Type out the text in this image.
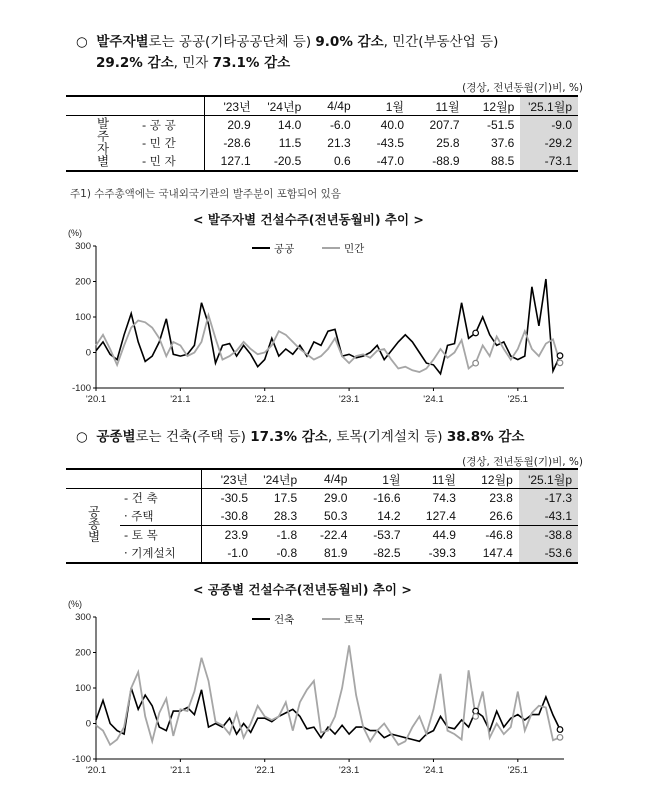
○ 발주자별로는 공공(기타공공단체 등) 9.0% 감소, 민간(부동산업 등)
29.2% 감소, 민자 73.1% 감소
(경상, 전년동월(기)비, %)
		'23년	'24년p	4/4p	1월	11월	12월p	'25.1월p
발주자별	- 공 공	20.9	14.0	-6.0	40.0	207.7	-51.5	-9.0
	- 민 간	-28.6	11.5	21.3	-43.5	25.8	37.6	-29.2
	- 민 자	127.1	-20.5	0.6	-47.0	-88.9	88.5	-73.1
주1) 수주총액에는 국내외국기관의 발주분이 포함되어 있음
< 발주자별 건설수주(전년동월비) 추이 >
(%)
300
200
100
0
-100
'20.1	'21.1	'22.1	'23.1	'24.1	'25.1
공공	민간
○ 공종별로는 건축(주택 등) 17.3% 감소, 토목(기계설치 등) 38.8% 감소
(경상, 전년동월(기)비, %)
		'23년	'24년p	4/4p	1월	11월	12월p	'25.1월p
공종별	- 건 축	-30.5	17.5	29.0	-16.6	74.3	23.8	-17.3
	· 주택	-30.8	28.3	50.3	14.2	127.4	26.6	-43.1
	- 토 목	23.9	-1.8	-22.4	-53.7	44.9	-46.8	-38.8
	· 기계설치	-1.0	-0.8	81.9	-82.5	-39.3	147.4	-53.6
< 공종별 건설수주(전년동월비) 추이 >
(%)
300
200
100
0
-100
'20.1	'21.1	'22.1	'23.1	'24.1	'25.1
건축	토목
